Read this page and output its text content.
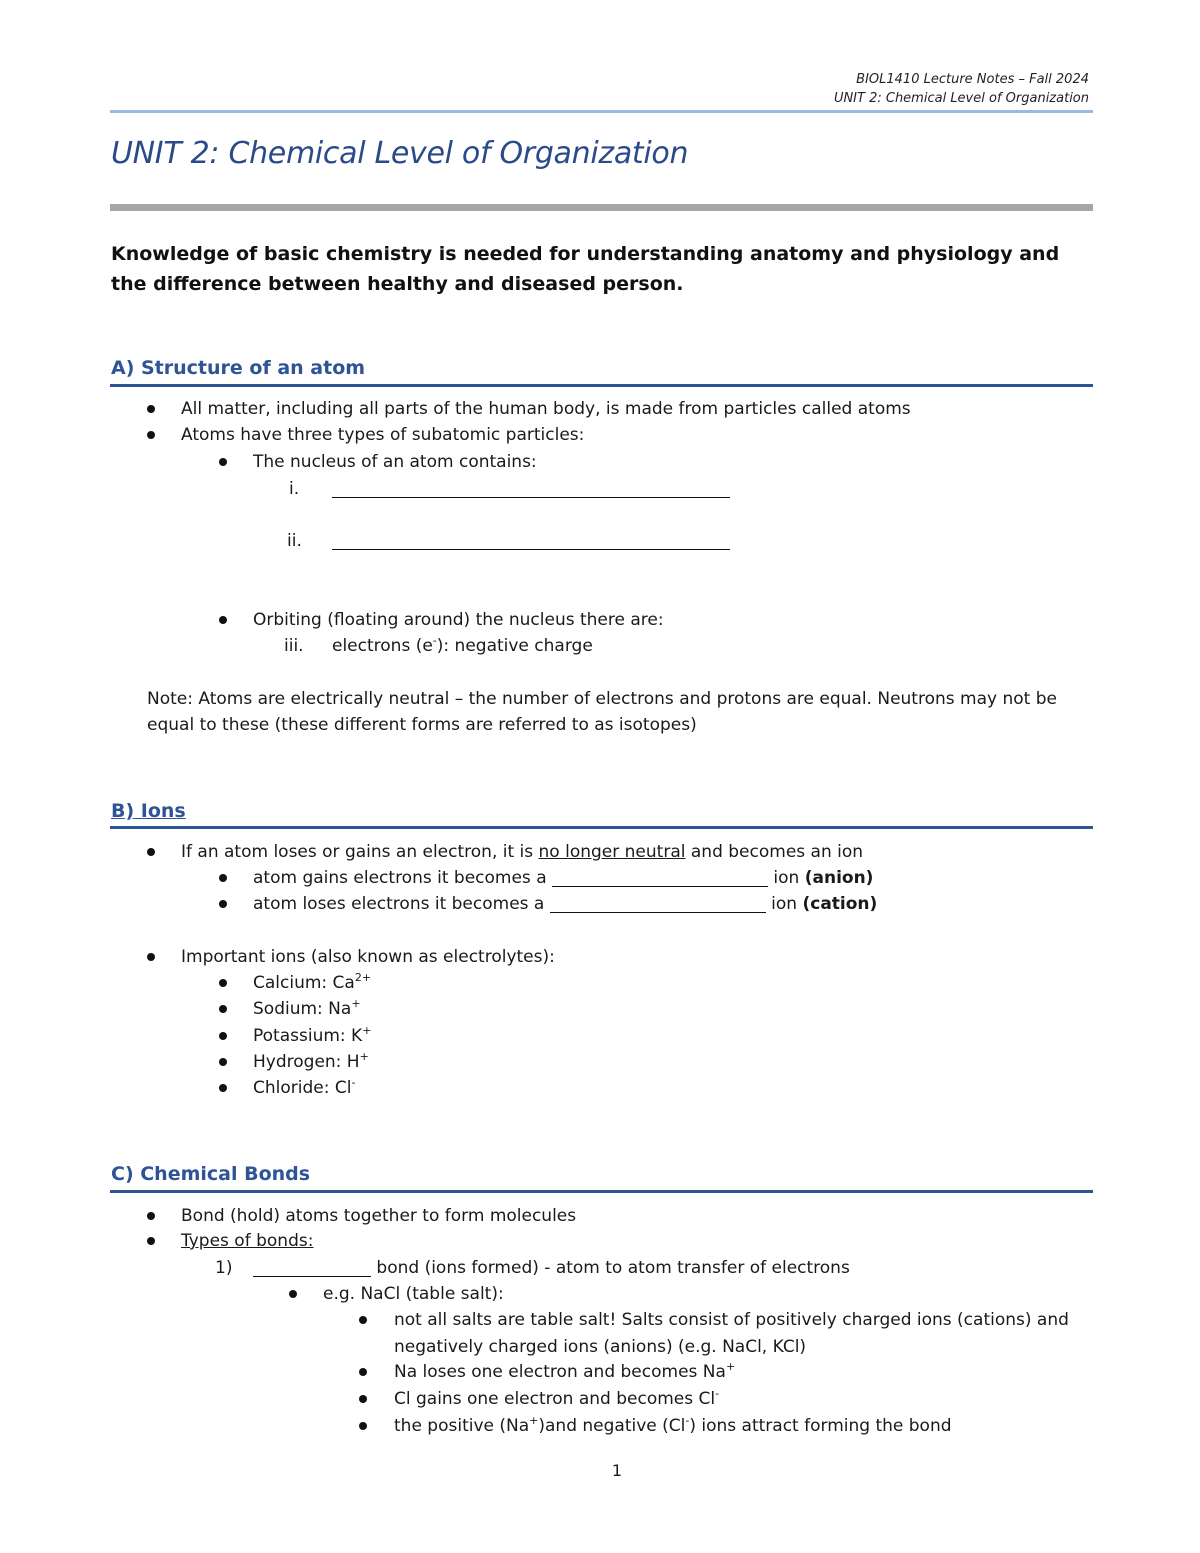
BIOL1410 Lecture Notes – Fall 2024
UNIT 2: Chemical Level of Organization
UNIT 2: Chemical Level of Organization
Knowledge of basic chemistry is needed for understanding anatomy and physiology and the difference between healthy and diseased person.
A) Structure of an atom
All matter, including all parts of the human body, is made from particles called atoms
Atoms have three types of subatomic particles:
The nucleus of an atom contains:
i.
ii.
Orbiting (floating around) the nucleus there are:
iii. electrons (e-): negative charge
Note: Atoms are electrically neutral – the number of electrons and protons are equal. Neutrons may not be
equal to these (these different forms are referred to as isotopes)
B) Ions
If an atom loses or gains an electron, it is no longer neutral and becomes an ion
atom gains electrons it becomes a	ion (anion)
atom loses electrons it becomes a	ion (cation)
Important ions (also known as electrolytes):
Calcium: $Ca^{2+}$
Sodium: Na+
Potassium: K+
Hydrogen: H+
Chloride: Cl-
C) Chemical Bonds
Bond (hold) atoms together to form molecules
Types of bonds:
1)	bond (ions formed) - atom to atom transfer of electrons
e.g. NaCl (table salt):
not all salts are table salt! Salts consist of positively charged ions (cations) and
negatively charged ions (anions) (e.g. NaCl, KCl)
Na loses one electron and becomes Na+
Cl gains one electron and becomes Cl-
the positive (Na+)and negative (Cl-) ions attract forming the bond
1
